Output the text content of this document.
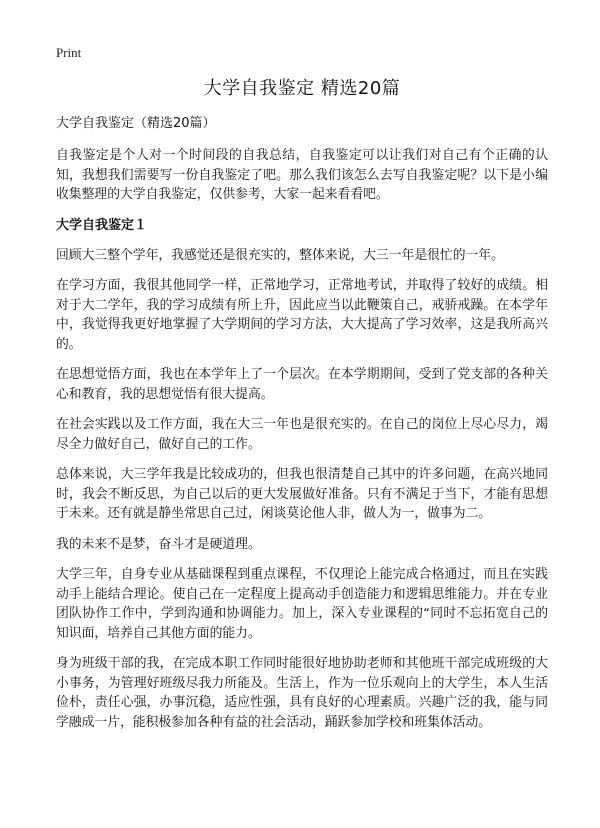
Print
大学自我鉴定 精选20篇
大学自我鉴定（精选20篇）

自我鉴定是个人对一个时间段的自我总结，自我鉴定可以让我们对自己有个正确的认知，我想我们需要写一份自我鉴定了吧。那么我们该怎么去写自我鉴定呢？以下是小编收集整理的大学自我鉴定，仅供参考，大家一起来看看吧。

大学自我鉴定１

回顾大三整个学年，我感觉还是很充实的，整体来说，大三一年是很忙的一年。

在学习方面，我很其他同学一样，正常地学习，正常地考试，并取得了较好的成绩。相对于大二学年，我的学习成绩有所上升，因此应当以此鞭策自己，戒骄戒躁。在本学年中，我觉得我更好地掌握了大学期间的学习方法，大大提高了学习效率，这是我所高兴的。

在思想觉悟方面，我也在本学年上了一个层次。在本学期期间，受到了党支部的各种关心和教育，我的思想觉悟有很大提高。

在社会实践以及工作方面，我在大三一年也是很充实的。在自己的岗位上尽心尽力，竭尽全力做好自己，做好自己的工作。

总体来说，大三学年我是比较成功的，但我也很清楚自己其中的许多问题，在高兴地同时，我会不断反思，为自己以后的更大发展做好准备。只有不满足于当下，才能有思想于未来。还有就是静坐常思自己过，闲谈莫论他人非，做人为一，做事为二。

我的未来不是梦，奋斗才是硬道理。

大学三年，自身专业从基础课程到重点课程，不仅理论上能完成合格通过，而且在实践动手上能结合理论。使自己在一定程度上提高动手创造能力和逻辑思维能力。并在专业团队协作工作中，学到沟通和协调能力。加上，深入专业课程的“同时不忘拓宽自己的知识面，培养自己其他方面的能力。

身为班级干部的我，在完成本职工作同时能很好地协助老师和其他班干部完成班级的大小事务，为管理好班级尽我力所能及。生活上，作为一位乐观向上的大学生，本人生活俭朴，责任心强，办事沉稳，适应性强，具有良好的心理素质。兴趣广泛的我，能与同学融成一片，能积极参加各种有益的社会活动，踊跃参加学校和班集体活动。
